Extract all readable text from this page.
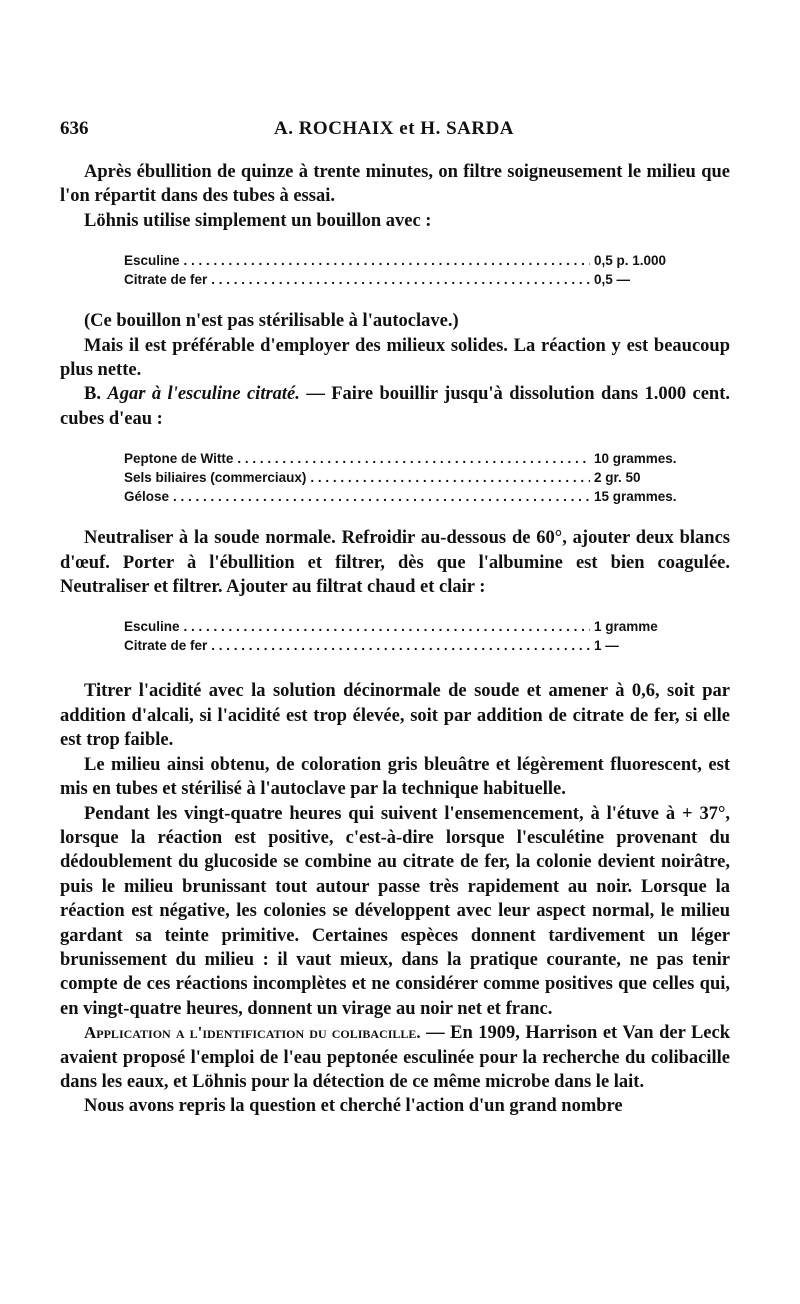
636	A. ROCHAIX et H. SARDA

Après ébullition de quinze à trente minutes, on filtre soigneusement le milieu que l'on répartit dans des tubes à essai.

Löhnis utilise simplement un bouillon avec :

Esculine . . .	0,5 p. 1.000
Citrate de fer . . .	0,5 —

(Ce bouillon n'est pas stérilisable à l'autoclave.)

Mais il est préférable d'employer des milieux solides. La réaction y est beaucoup plus nette.

B. Agar à l'esculine citraté. — Faire bouillir jusqu'à dissolution dans 1.000 cent. cubes d'eau :

Peptone de Witte . . .	10 grammes.
Sels biliaires (commerciaux) . . .	2 gr. 50
Gélose . . .	15 grammes.

Neutraliser à la soude normale. Refroidir au-dessous de 60°, ajouter deux blancs d'œuf. Porter à l'ébullition et filtrer, dès que l'albumine est bien coagulée. Neutraliser et filtrer. Ajouter au filtrat chaud et clair :

Esculine . . .	1 gramme
Citrate de fer . . .	1 —

Titrer l'acidité avec la solution décinormale de soude et amener à 0,6, soit par addition d'alcali, si l'acidité est trop élevée, soit par addition de citrate de fer, si elle est trop faible.

Le milieu ainsi obtenu, de coloration gris bleuâtre et légèrement fluorescent, est mis en tubes et stérilisé à l'autoclave par la technique habituelle.

Pendant les vingt-quatre heures qui suivent l'ensemencement, à l'étuve à + 37°, lorsque la réaction est positive, c'est-à-dire lorsque l'esculétine provenant du dédoublement du glucoside se combine au citrate de fer, la colonie devient noirâtre, puis le milieu brunissant tout autour passe très rapidement au noir. Lorsque la réaction est négative, les colonies se développent avec leur aspect normal, le milieu gardant sa teinte primitive. Certaines espèces donnent tardivement un léger brunissement du milieu : il vaut mieux, dans la pratique courante, ne pas tenir compte de ces réactions incomplètes et ne considérer comme positives que celles qui, en vingt-quatre heures, donnent un virage au noir net et franc.

Application a l'identification du colibacille. — En 1909, Harrison et Van der Leck avaient proposé l'emploi de l'eau peptonée esculinée pour la recherche du colibacille dans les eaux, et Löhnis pour la détection de ce même microbe dans le lait.

Nous avons repris la question et cherché l'action d'un grand nombre
